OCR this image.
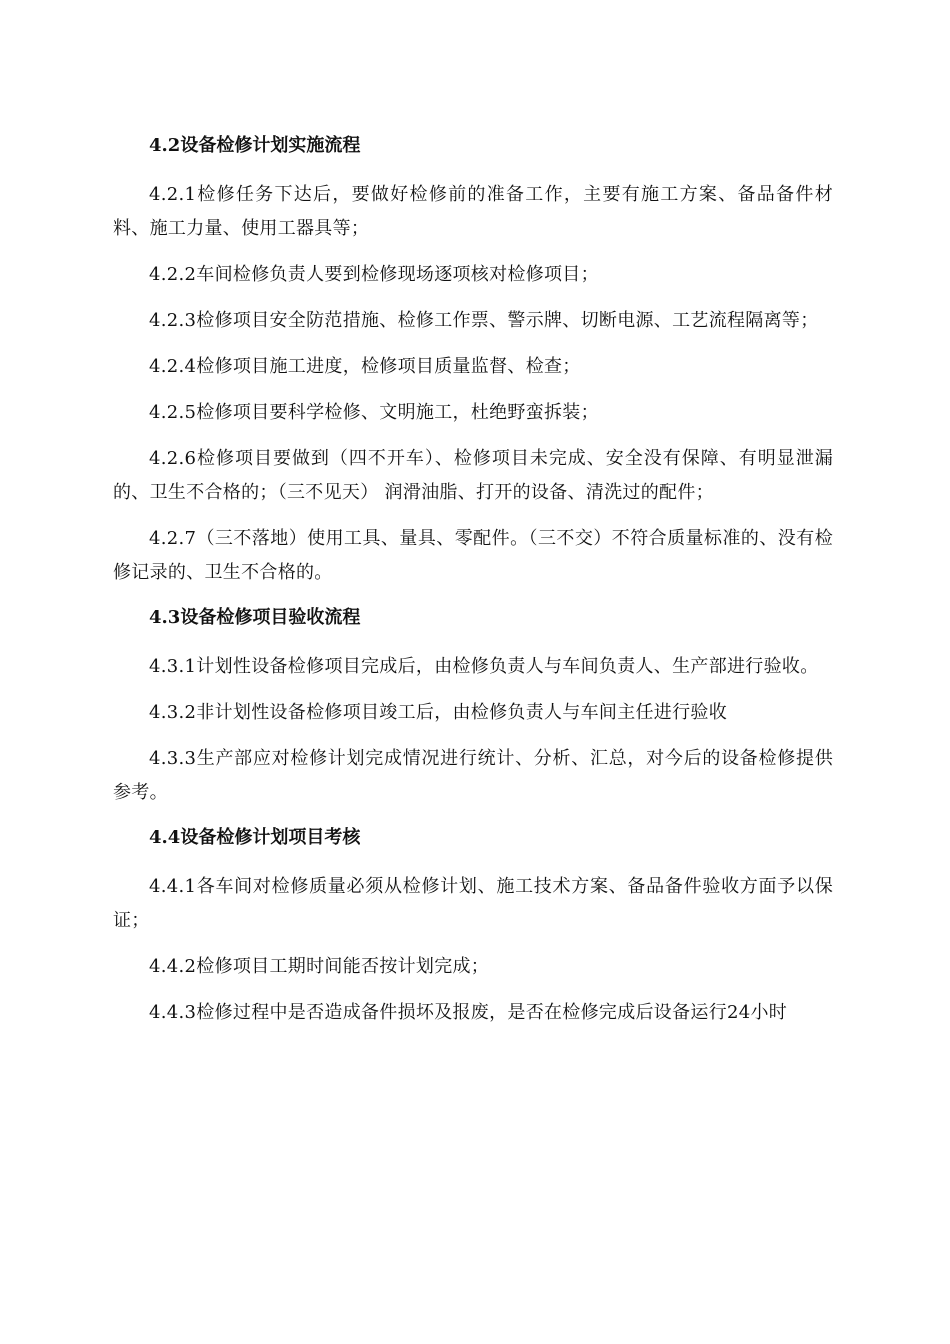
4.2设备检修计划实施流程

4.2.1检修任务下达后，要做好检修前的准备工作，主要有施工方案、备品备件材料、施工力量、使用工器具等；

4.2.2车间检修负责人要到检修现场逐项核对检修项目；

4.2.3检修项目安全防范措施、检修工作票、警示牌、切断电源、工艺流程隔离等；

4.2.4检修项目施工进度，检修项目质量监督、检查；

4.2.5检修项目要科学检修、文明施工，杜绝野蛮拆装；

4.2.6检修项目要做到（四不开车）、检修项目未完成、安全没有保障、有明显泄漏的、卫生不合格的；（三不见天） 润滑油脂、打开的设备、清洗过的配件；

4.2.7（三不落地）使用工具、量具、零配件。（三不交）不符合质量标准的、没有检修记录的、卫生不合格的。

4.3设备检修项目验收流程

4.3.1计划性设备检修项目完成后，由检修负责人与车间负责人、生产部进行验收。

4.3.2非计划性设备检修项目竣工后，由检修负责人与车间主任进行验收

4.3.3生产部应对检修计划完成情况进行统计、分析、汇总，对今后的设备检修提供参考。

4.4设备检修计划项目考核

4.4.1各车间对检修质量必须从检修计划、施工技术方案、备品备件验收方面予以保证；

4.4.2检修项目工期时间能否按计划完成；

4.4.3检修过程中是否造成备件损坏及报废，是否在检修完成后设备运行24小时
